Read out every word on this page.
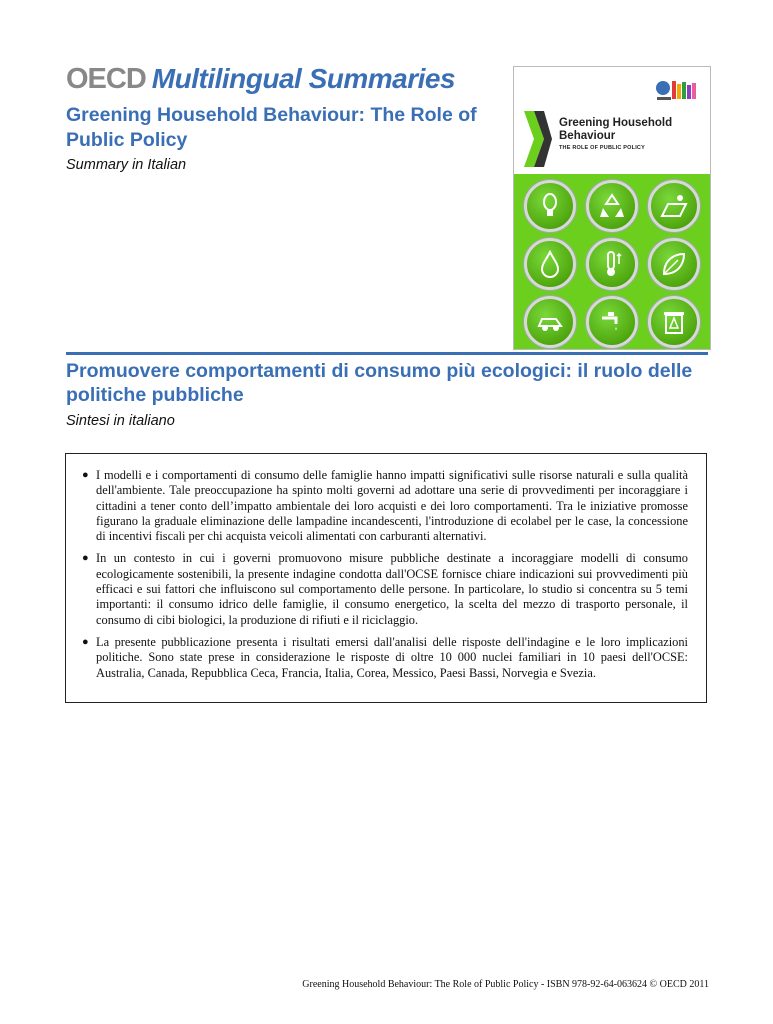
OECD Multilingual Summaries
Greening Household Behaviour: The Role of Public Policy

Summary in Italian

Greening Household Behaviour

THE ROLE OF PUBLIC POLICY

Promuovere comportamenti di consumo più ecologici: il ruolo delle politiche pubbliche

Sintesi in italiano

● I modelli e i comportamenti di consumo delle famiglie hanno impatti significativi sulle risorse naturali e sulla qualità dell'ambiente. Tale preoccupazione ha spinto molti governi ad adottare una serie di provvedimenti per incoraggiare i cittadini a tener conto dell’impatto ambientale dei loro acquisti e dei loro comportamenti. Tra le iniziative promosse figurano la graduale eliminazione delle lampadine incandescenti, l'introduzione di ecolabel per le case, la concessione di incentivi fiscali per chi acquista veicoli alimentati con carburanti alternativi.
● In un contesto in cui i governi promuovono misure pubbliche destinate a incoraggiare modelli di consumo ecologicamente sostenibili, la presente indagine condotta dall'OCSE fornisce chiare indicazioni sui provvedimenti più efficaci e sui fattori che influiscono sul comportamento delle persone. In particolare, lo studio si concentra su 5 temi importanti: il consumo idrico delle famiglie, il consumo energetico, la scelta del mezzo di trasporto personale, il consumo di cibi biologici, la produzione di rifiuti e il riciclaggio.
● La presente pubblicazione presenta i risultati emersi dall'analisi delle risposte dell'indagine e le loro implicazioni politiche. Sono state prese in considerazione le risposte di oltre 10 000 nuclei familiari in 10 paesi dell'OCSE: Australia, Canada, Repubblica Ceca, Francia, Italia, Corea, Messico, Paesi Bassi, Norvegia e Svezia.

Greening Household Behaviour: The Role of Public Policy - ISBN 978-92-64-063624 © OECD 2011
